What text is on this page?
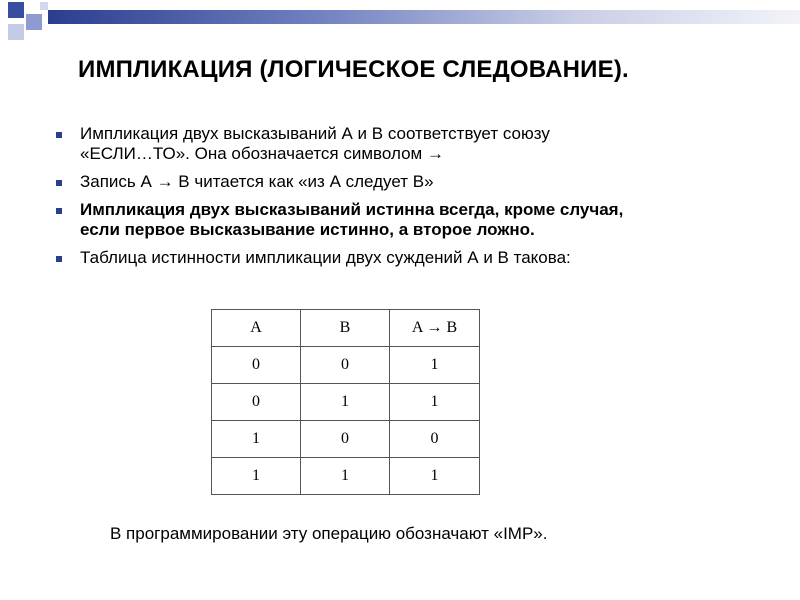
ИМПЛИКАЦИЯ (ЛОГИЧЕСКОЕ СЛЕДОВАНИЕ).
Импликация двух высказываний А и В соответствует союзу
«ЕСЛИ…ТО». Она обозначается символом →
Запись А → В читается как «из А следует В»
Импликация двух высказываний истинна всегда, кроме случая,
если первое высказывание истинно, а второе ложно.
Таблица истинности импликации двух суждений А и В такова:
A	B	A → B
0	0	1
0	1	1
1	0	0
1	1	1
В программировании эту операцию обозначают «IMP».
